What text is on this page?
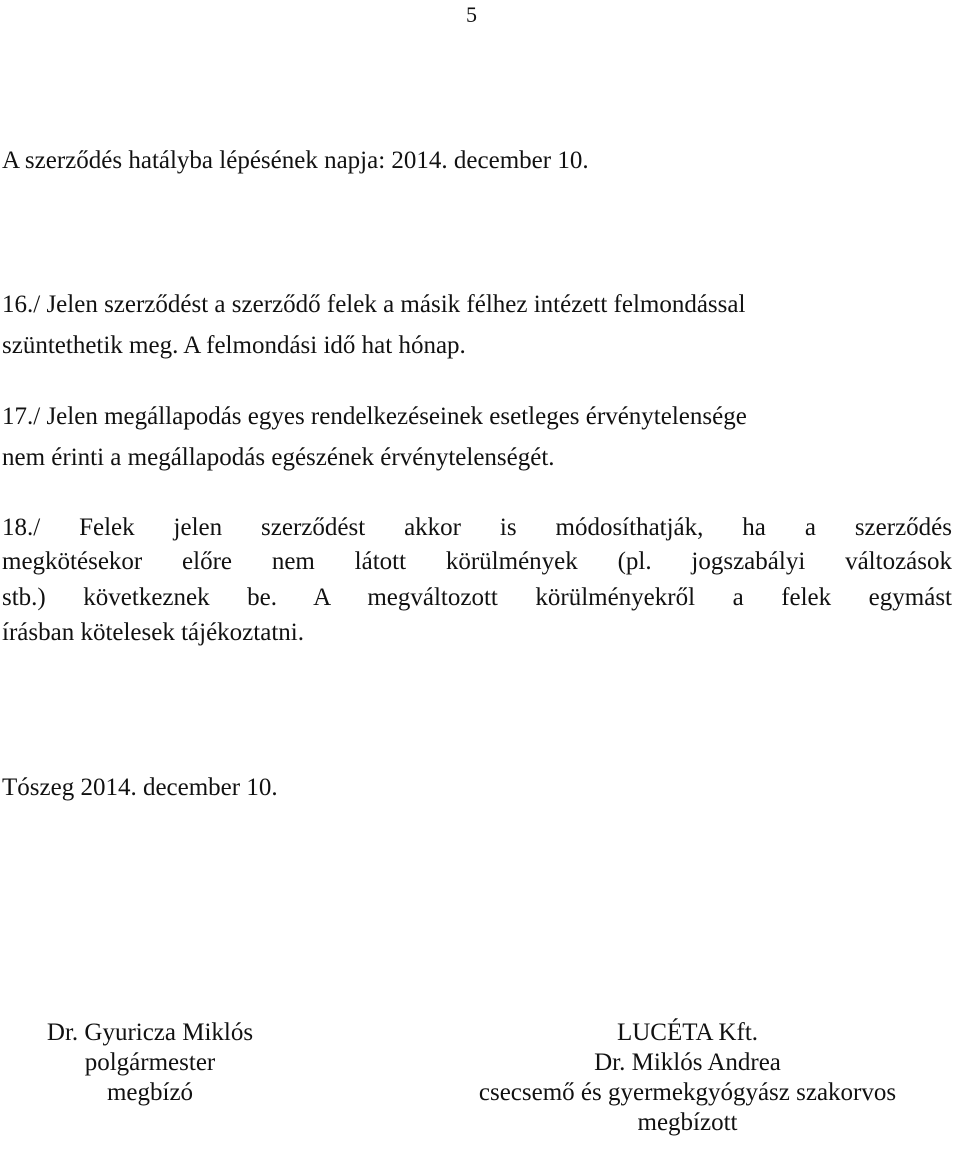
5
A szerződés hatályba lépésének napja: 2014. december 10.
16./ Jelen szerződést a szerződő felek a másik félhez intézett felmondással
szüntethetik meg. A felmondási idő hat hónap.
17./ Jelen megállapodás egyes rendelkezéseinek esetleges érvénytelensége
nem érinti a megállapodás egészének érvénytelenségét.
18./ Felek jelen szerződést akkor is módosíthatják, ha a szerződés
megkötésekor előre nem látott körülmények (pl. jogszabályi változások
stb.) következnek be. A megváltozott körülményekről a felek egymást
írásban kötelesek tájékoztatni.
Tószeg 2014. december 10.
Dr. Gyuricza Miklós
polgármester
megbízó
LUCÉTA Kft.
Dr. Miklós Andrea
csecsemő és gyermekgyógyász szakorvos
megbízott
